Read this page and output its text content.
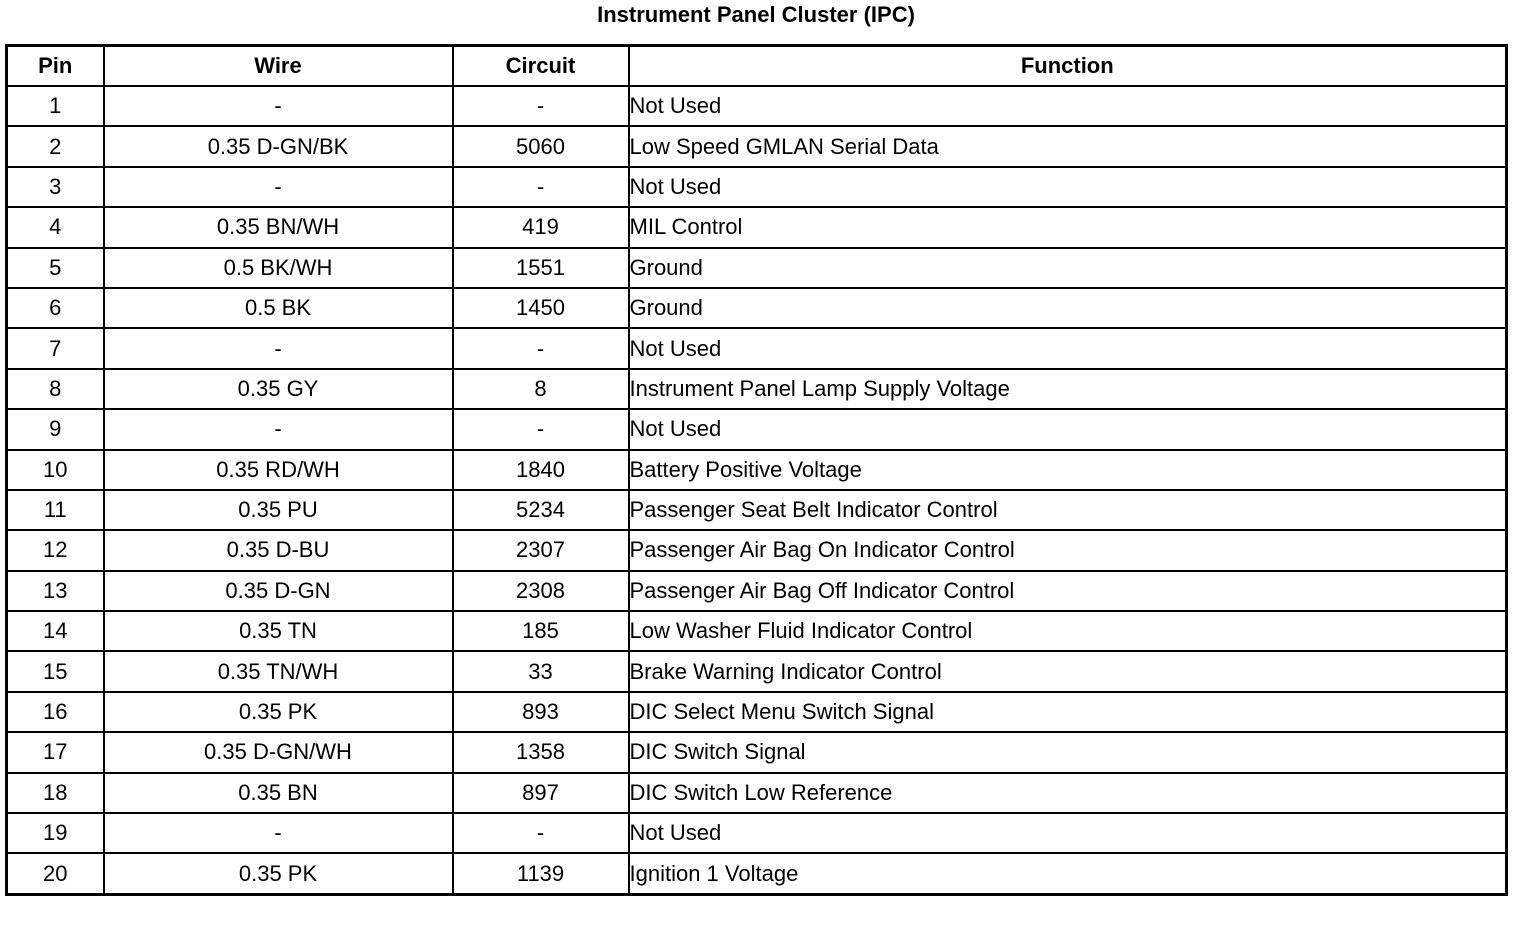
Instrument Panel Cluster (IPC)
Pin	Wire	Circuit	Function
1	-	-	Not Used
2	0.35 D-GN/BK	5060	Low Speed GMLAN Serial Data
3	-	-	Not Used
4	0.35 BN/WH	419	MIL Control
5	0.5 BK/WH	1551	Ground
6	0.5 BK	1450	Ground
7	-	-	Not Used
8	0.35 GY	8	Instrument Panel Lamp Supply Voltage
9	-	-	Not Used
10	0.35 RD/WH	1840	Battery Positive Voltage
11	0.35 PU	5234	Passenger Seat Belt Indicator Control
12	0.35 D-BU	2307	Passenger Air Bag On Indicator Control
13	0.35 D-GN	2308	Passenger Air Bag Off Indicator Control
14	0.35 TN	185	Low Washer Fluid Indicator Control
15	0.35 TN/WH	33	Brake Warning Indicator Control
16	0.35 PK	893	DIC Select Menu Switch Signal
17	0.35 D-GN/WH	1358	DIC Switch Signal
18	0.35 BN	897	DIC Switch Low Reference
19	-	-	Not Used
20	0.35 PK	1139	Ignition 1 Voltage
